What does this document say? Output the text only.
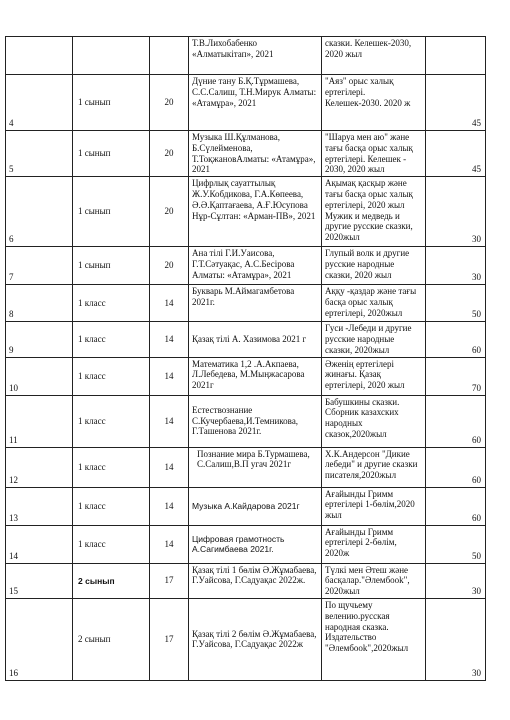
			Т.В.Лихобабенко «Алматыкітап», 2021	сказки. Келешек-2030, 2020 жыл	
4	1 сынып	20	Дүние тану Б.Қ.Тұрмашева, С.С.Салиш, Т.Н.Мирук Алматы: «Атамұра», 2021	"Аяз" орыс халық ертегілері. Келешек-2030. 2020 ж	45
5	1 сынып	20	Музыка Ш.Құлманова, Б.Сүлейменова, Т.ТоқжановАлматы: «Атамұра», 2021	"Шаруа мен аю" және тағы басқа орыс халық ертегілері. Келешек - 2030, 2020 жыл	45
6	1 сынып	20	Цифрлық сауаттылық Ж.У.Кобдикова, Г.А.Көпеева, Ә.Ә.Қаптағаева, А.Ғ.Юсупова Нұр-Сұлтан: «Арман-ПВ», 2021	Ақымақ қасқыр және тағы басқа орыс халық ертегілері, 2020 жыл Мужик и медведь и другие русские сказки, 2020жыл	30
7	1 сынып	20	Ана тілі Г.И.Уаисова, Г.Т.Сәтуақас, А.С.Бесірова Алматы: «Атамұра», 2021	Глупый волк и другие русские народные сказки, 2020 жыл	30
8	1 класс	14	Букварь М.Аймагамбетова 2021г.	Аққу -қаздар және тағы басқа орыс халық ертегілері, 2020жыл	50
9	1 класс	14	Қазақ тілі А. Хазимова 2021 г	Гуси -Лебеди и другие русские народные сказки, 2020жыл	60
10	1 класс	14	Математика 1,2 .А.Акпаева, Л.Лебедева, М.Мыңжасарова 2021г	Әженің ертегілері жинағы. Қазақ ертегілері, 2020 жыл	70
11	1 класс	14	Естествознание С.Кучербаева,И.Темникова, Г.Ташенова 2021г.	Бабушкины сказки. Сборник казахских народных сказок,2020жыл	60
12	1 класс	14	Познание мира Б.Турмашева, С.Салиш,В.П угач 2021г	Х.К.Андерсон "Дикие лебеди" и другие сказки писателя,2020жыл	60
13	1 класс	14	Музыка А.Кайдарова 2021г	Ағайынды Гримм ертегілері 1-бөлім,2020 жыл	60
14	1 класс	14	Цифровая грамотность А.Сагимбаева 2021г.	Ағайынды Гримм ертегілері 2-бөлім, 2020ж	50
15	2 сынып	17	Қазақ тілі 1 бөлім Ә.Жұмабаева, Г.Уайсова, Г.Садуақас 2022ж.	Түлкі мен Әтеш және басқалар."Әлембook", 2020жыл	30
16	2 сынып	17	Қазақ тілі 2 бөлім Ә.Жұмабаева, Г.Уайсова, Г.Садуақас 2022ж	По щучьему велению.русская народная сказка. Издательство "Әлембook",2020жыл	30
